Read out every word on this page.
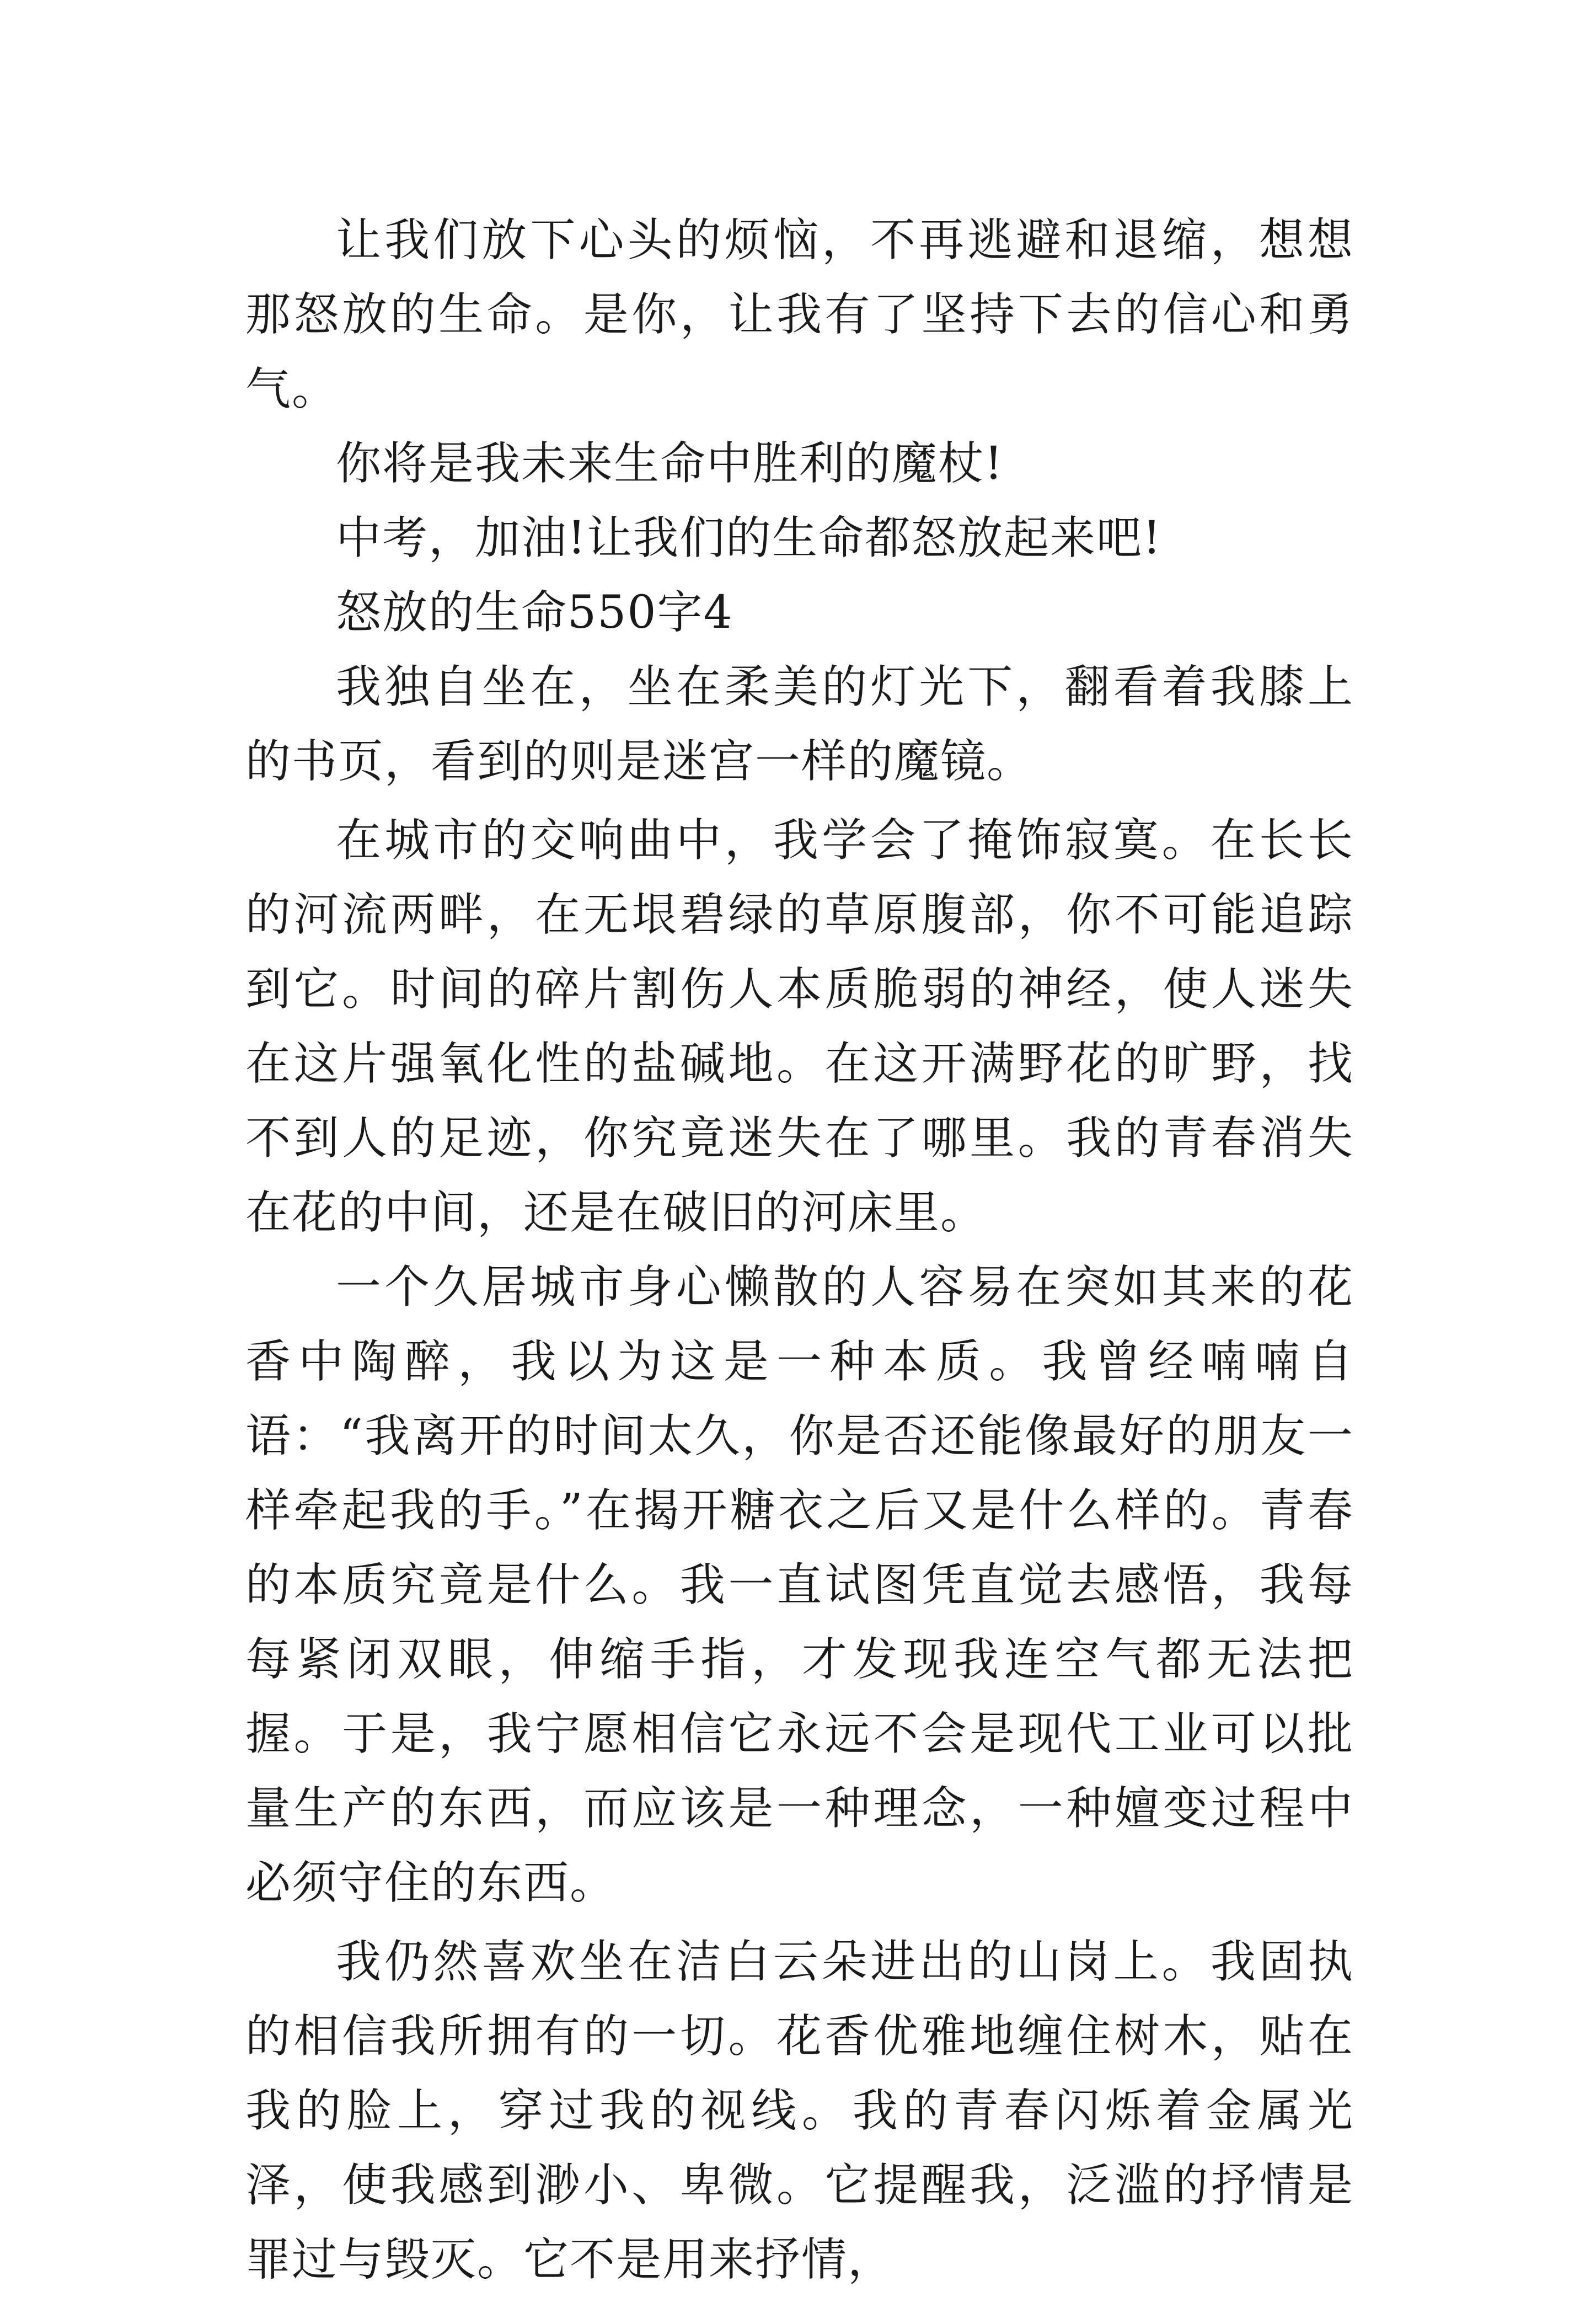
让我们放下心头的烦恼，不再逃避和退缩，想想那怒放的生命。是你，让我有了坚持下去的信心和勇气。

你将是我未来生命中胜利的魔杖!

中考，加油!让我们的生命都怒放起来吧!

怒放的生命550字4

我独自坐在，坐在柔美的灯光下，翻看着我膝上的书页，看到的则是迷宫一样的魔镜。

在城市的交响曲中，我学会了掩饰寂寞。在长长的河流两畔，在无垠碧绿的草原腹部，你不可能追踪到它。时间的碎片割伤人本质脆弱的神经，使人迷失在这片强氧化性的盐碱地。在这开满野花的旷野，找不到人的足迹，你究竟迷失在了哪里。我的青春消失在花的中间，还是在破旧的河床里。

一个久居城市身心懒散的人容易在突如其来的花香中陶醉，我以为这是一种本质。我曾经喃喃自语：“我离开的时间太久，你是否还能像最好的朋友一样牵起我的手。”在揭开糖衣之后又是什么样的。青春的本质究竟是什么。我一直试图凭直觉去感悟，我每每紧闭双眼，伸缩手指，才发现我连空气都无法把握。于是，我宁愿相信它永远不会是现代工业可以批量生产的东西，而应该是一种理念，一种嬗变过程中必须守住的东西。

我仍然喜欢坐在洁白云朵进出的山岗上。我固执的相信我所拥有的一切。花香优雅地缠住树木，贴在我的脸上，穿过我的视线。我的青春闪烁着金属光泽，使我感到渺小、卑微。它提醒我，泛滥的抒情是罪过与毁灭。它不是用来抒情，
